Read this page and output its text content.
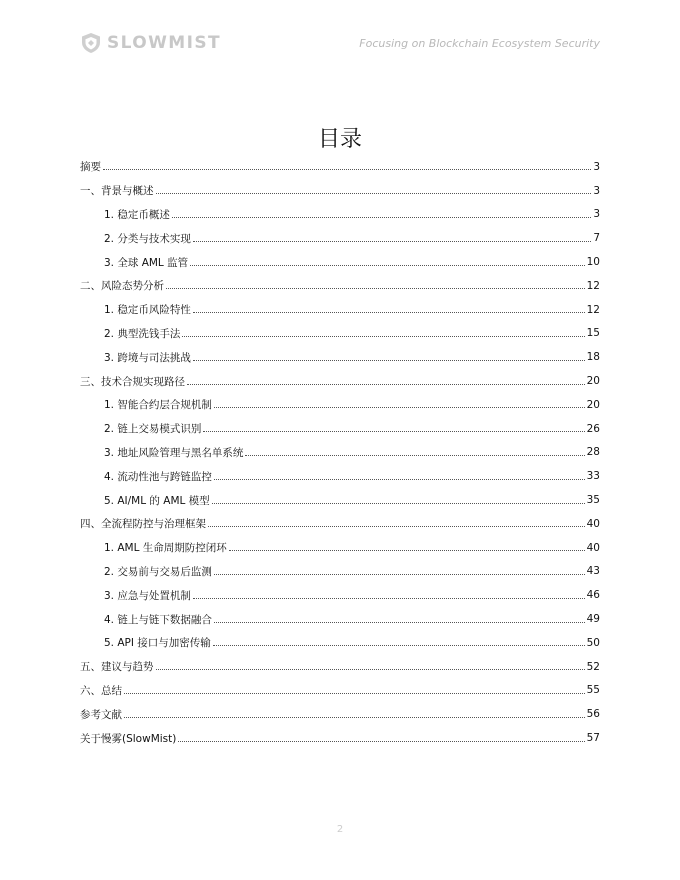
SLOWMIST	Focusing on Blockchain Ecosystem Security
目录
摘要	3
一、背景与概述	3
1. 稳定币概述	3
2. 分类与技术实现	7
3. 全球 AML 监管	10
二、风险态势分析	12
1. 稳定币风险特性	12
2. 典型洗钱手法	15
3. 跨境与司法挑战	18
三、技术合规实现路径	20
1. 智能合约层合规机制	20
2. 链上交易模式识别	26
3. 地址风险管理与黑名单系统	28
4. 流动性池与跨链监控	33
5. AI/ML 的 AML 模型	35
四、全流程防控与治理框架	40
1. AML 生命周期防控闭环	40
2. 交易前与交易后监测	43
3. 应急与处置机制	46
4. 链上与链下数据融合	49
5. API 接口与加密传输	50
五、建议与趋势	52
六、总结	55
参考文献	56
关于慢雾(SlowMist)	57
2
